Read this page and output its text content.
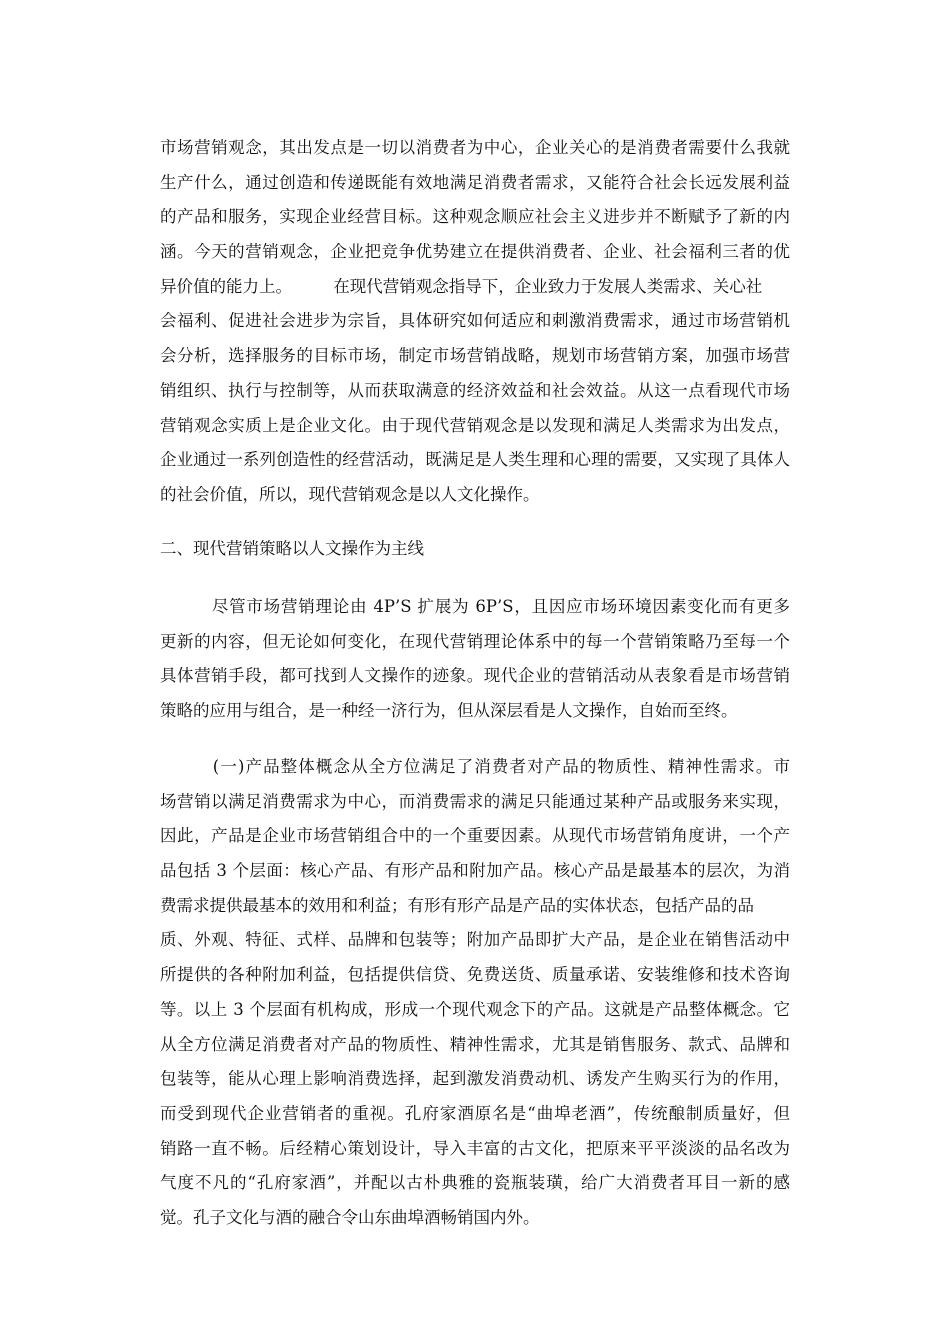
市场营销观念，其出发点是一切以消费者为中心，企业关心的是消费者需要什么我就
生产什么，通过创造和传递既能有效地满足消费者需求，又能符合社会长远发展利益
的产品和服务，实现企业经营目标。这种观念顺应社会主义进步并不断赋予了新的内
涵。今天的营销观念，企业把竞争优势建立在提供消费者、企业、社会福利三者的优
异价值的能力上。　　　在现代营销观念指导下，企业致力于发展人类需求、关心社
会福利、促进社会进步为宗旨，具体研究如何适应和刺激消费需求，通过市场营销机
会分析，选择服务的目标市场，制定市场营销战略，规划市场营销方案，加强市场营
销组织、执行与控制等，从而获取满意的经济效益和社会效益。从这一点看现代市场
营销观念实质上是企业文化。由于现代营销观念是以发现和满足人类需求为出发点，
企业通过一系列创造性的经营活动，既满足是人类生理和心理的需要，又实现了具体人
的社会价值，所以，现代营销观念是以人文化操作。
二、现代营销策略以人文操作为主线
　　　尽管市场营销理论由 4P’S 扩展为 6P’S，且因应市场环境因素变化而有更多
更新的内容，但无论如何变化，在现代营销理论体系中的每一个营销策略乃至每一个
具体营销手段，都可找到人文操作的迹象。现代企业的营销活动从表象看是市场营销
策略的应用与组合，是一种经一济行为，但从深层看是人文操作，自始而至终。
　　　(一)产品整体概念从全方位满足了消费者对产品的物质性、精神性需求。市
场营销以满足消费需求为中心，而消费需求的满足只能通过某种产品或服务来实现，
因此，产品是企业市场营销组合中的一个重要因素。从现代市场营销角度讲，一个产
品包括 3 个层面：核心产品、有形产品和附加产品。核心产品是最基本的层次，为消
费需求提供最基本的效用和利益；有形有形产品是产品的实体状态，包括产品的品
质、外观、特征、式样、品牌和包装等；附加产品即扩大产品，是企业在销售活动中
所提供的各种附加利益，包括提供信贷、免费送货、质量承诺、安装维修和技术咨询
等。以上 3 个层面有机构成，形成一个现代观念下的产品。这就是产品整体概念。它
从全方位满足消费者对产品的物质性、精神性需求，尤其是销售服务、款式、品牌和
包装等，能从心理上影响消费选择，起到激发消费动机、诱发产生购买行为的作用，
而受到现代企业营销者的重视。孔府家酒原名是“曲埠老酒”，传统酿制质量好，但
销路一直不畅。后经精心策划设计，导入丰富的古文化，把原来平平淡淡的品名改为
气度不凡的“孔府家酒”，并配以古朴典雅的瓷瓶装璜，给广大消费者耳目一新的感
觉。孔子文化与酒的融合令山东曲埠酒畅销国内外。
